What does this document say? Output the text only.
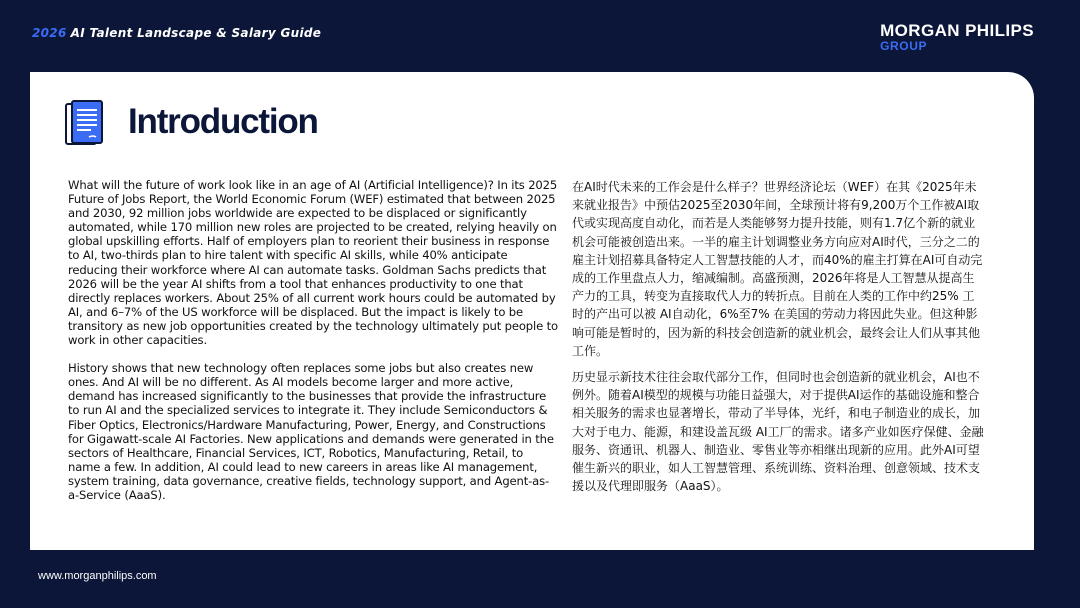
2026 AI Talent Landscape & Salary Guide	MORGAN PHILIPS
GROUP
Introduction

What will the future of work look like in an age of AI (Artificial Intelligence)? In its 2025 Future of Jobs Report, the World Economic Forum (WEF) estimated that between 2025 and 2030, 92 million jobs worldwide are expected to be displaced or significantly automated, while 170 million new roles are projected to be created, relying heavily on global upskilling efforts. Half of employers plan to reorient their business in response to AI, two-thirds plan to hire talent with specific AI skills, while 40% anticipate reducing their workforce where AI can automate tasks. Goldman Sachs predicts that 2026 will be the year AI shifts from a tool that enhances productivity to one that directly replaces workers. About 25% of all current work hours could be automated by AI, and 6–7% of the US workforce will be displaced. But the impact is likely to be transitory as new job opportunities created by the technology ultimately put people to work in other capacities.

History shows that new technology often replaces some jobs but also creates new ones. And AI will be no different. As AI models become larger and more active, demand has increased significantly to the businesses that provide the infrastructure to run AI and the specialized services to integrate it. They include Semiconductors & Fiber Optics, Electronics/Hardware Manufacturing, Power, Energy, and Constructions for Gigawatt-scale AI Factories. New applications and demands were generated in the sectors of Healthcare, Financial Services, ICT, Robotics, Manufacturing, Retail, to name a few. In addition, AI could lead to new careers in areas like AI management, system training, data governance, creative fields, technology support, and Agent-as-a-Service (AaaS).

在AI时代未来的工作会是什么样子？世界经济论坛（WEF）在其《2025年未来就业报告》中预估2025至2030年间，全球预计将有9,200万个工作被AI取代或实现高度自动化，而若是人类能够努力提升技能，则有1.7亿个新的就业机会可能被创造出来。一半的雇主计划调整业务方向应对AI时代，三分之二的雇主计划招募具备特定人工智慧技能的人才，而40%的雇主打算在AI可自动完成的工作里盘点人力，缩减编制。高盛预测，2026年将是人工智慧从提高生产力的工具，转变为直接取代人力的转折点。目前在人类的工作中约25% 工时的产出可以被 AI自动化，6%至7% 在美国的劳动力将因此失业。但这种影响可能是暂时的，因为新的科技会创造新的就业机会，最终会让人们从事其他工作。

历史显示新技术往往会取代部分工作，但同时也会创造新的就业机会，AI也不例外。随着AI模型的规模与功能日益强大，对于提供AI运作的基础设施和整合相关服务的需求也显著增长，带动了半导体，光纤，和电子制造业的成长，加大对于电力、能源，和建设盖瓦级 AI工厂的需求。诸多产业如医疗保健、金融服务、资通讯、机器人、制造业、零售业等亦相继出现新的应用。此外AI可望催生新兴的职业，如人工智慧管理、系统训练、资料治理、创意领域、技术支援以及代理即服务（AaaS）。

www.morganphilips.com
